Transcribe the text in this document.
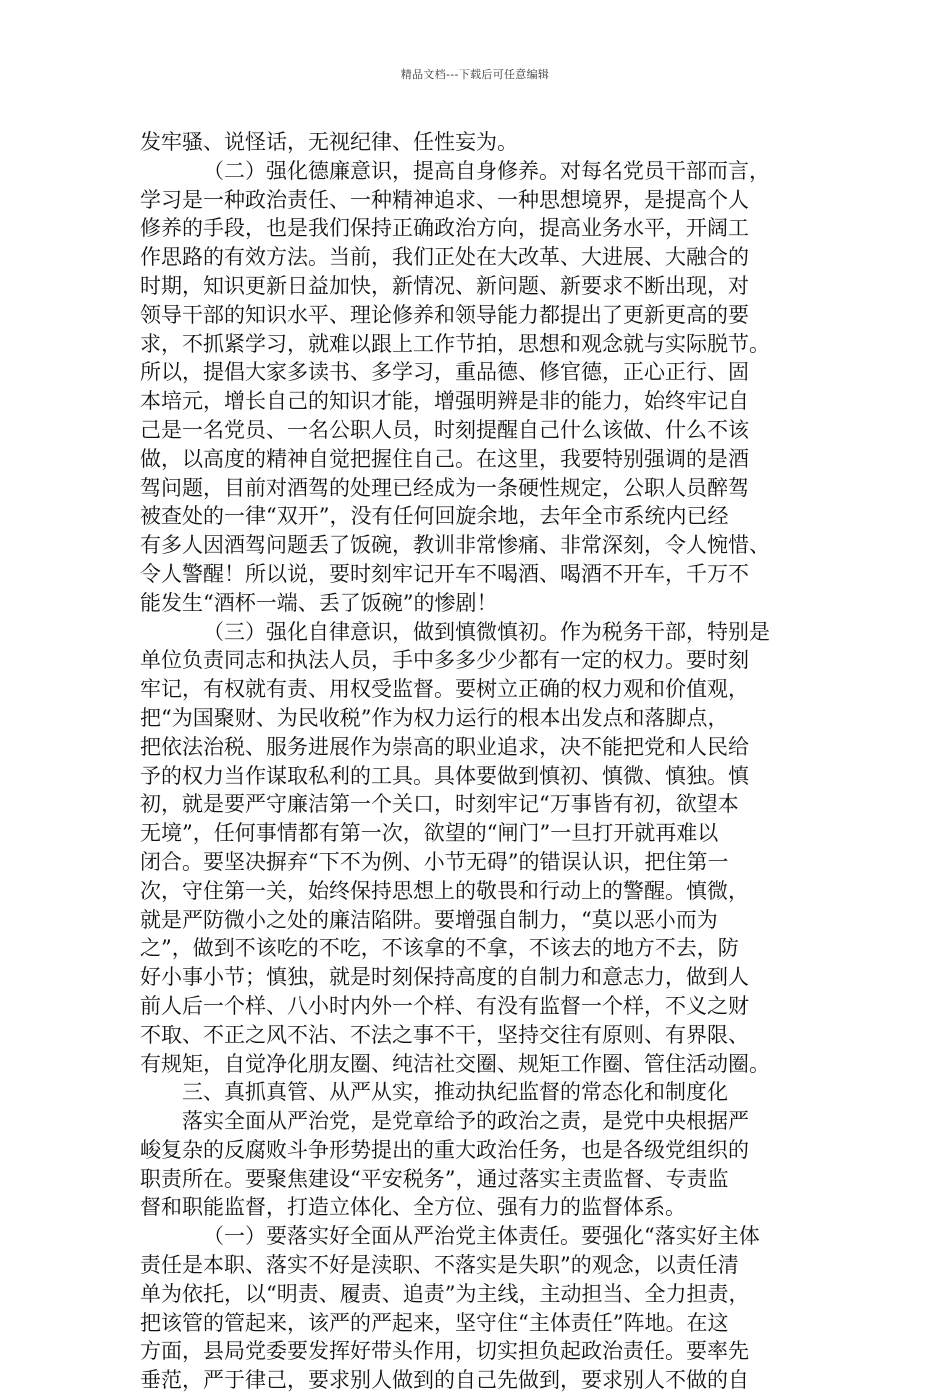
精品文档---下载后可任意编辑
发牢骚、说怪话，无视纪律、任性妄为。
（二）强化德廉意识，提高自身修养。对每名党员干部而言，
学习是一种政治责任、一种精神追求、一种思想境界，是提高个人
修养的手段，也是我们保持正确政治方向，提高业务水平，开阔工
作思路的有效方法。当前，我们正处在大改革、大进展、大融合的
时期，知识更新日益加快，新情况、新问题、新要求不断出现，对
领导干部的知识水平、理论修养和领导能力都提出了更新更高的要
求，不抓紧学习，就难以跟上工作节拍，思想和观念就与实际脱节。
所以，提倡大家多读书、多学习，重品德、修官德，正心正行、固
本培元，增长自己的知识才能，增强明辨是非的能力，始终牢记自
己是一名党员、一名公职人员，时刻提醒自己什么该做、什么不该
做，以高度的精神自觉把握住自己。在这里，我要特别强调的是酒
驾问题，目前对酒驾的处理已经成为一条硬性规定，公职人员醉驾
被查处的一律“双开”，没有任何回旋余地，去年全市系统内已经
有多人因酒驾问题丢了饭碗，教训非常惨痛、非常深刻，令人惋惜、
令人警醒！所以说，要时刻牢记开车不喝酒、喝酒不开车，千万不
能发生“酒杯一端、丢了饭碗”的惨剧！
（三）强化自律意识，做到慎微慎初。作为税务干部，特别是
单位负责同志和执法人员，手中多多少少都有一定的权力。要时刻
牢记，有权就有责、用权受监督。要树立正确的权力观和价值观，
把“为国聚财、为民收税”作为权力运行的根本出发点和落脚点，
把依法治税、服务进展作为崇高的职业追求，决不能把党和人民给
予的权力当作谋取私利的工具。具体要做到慎初、慎微、慎独。慎
初，就是要严守廉洁第一个关口，时刻牢记“万事皆有初，欲望本
无境”，任何事情都有第一次，欲望的“闸门”一旦打开就再难以
闭合。要坚决摒弃“下不为例、小节无碍”的错误认识，把住第一
次，守住第一关，始终保持思想上的敬畏和行动上的警醒。慎微，
就是严防微小之处的廉洁陷阱。要增强自制力，“莫以恶小而为
之”，做到不该吃的不吃，不该拿的不拿，不该去的地方不去，防
好小事小节；慎独，就是时刻保持高度的自制力和意志力，做到人
前人后一个样、八小时内外一个样、有没有监督一个样，不义之财
不取、不正之风不沾、不法之事不干，坚持交往有原则、有界限、
有规矩，自觉净化朋友圈、纯洁社交圈、规矩工作圈、管住活动圈。
三、真抓真管、从严从实，推动执纪监督的常态化和制度化
落实全面从严治党，是党章给予的政治之责，是党中央根据严
峻复杂的反腐败斗争形势提出的重大政治任务，也是各级党组织的
职责所在。要聚焦建设“平安税务”，通过落实主责监督、专责监
督和职能监督，打造立体化、全方位、强有力的监督体系。
（一）要落实好全面从严治党主体责任。要强化“落实好主体
责任是本职、落实不好是渎职、不落实是失职”的观念，以责任清
单为依托，以“明责、履责、追责”为主线，主动担当、全力担责，
把该管的管起来，该严的严起来，坚守住“主体责任”阵地。在这
方面，县局党委要发挥好带头作用，切实担负起政治责任。要率先
垂范，严于律己，要求别人做到的自己先做到，要求别人不做的自
